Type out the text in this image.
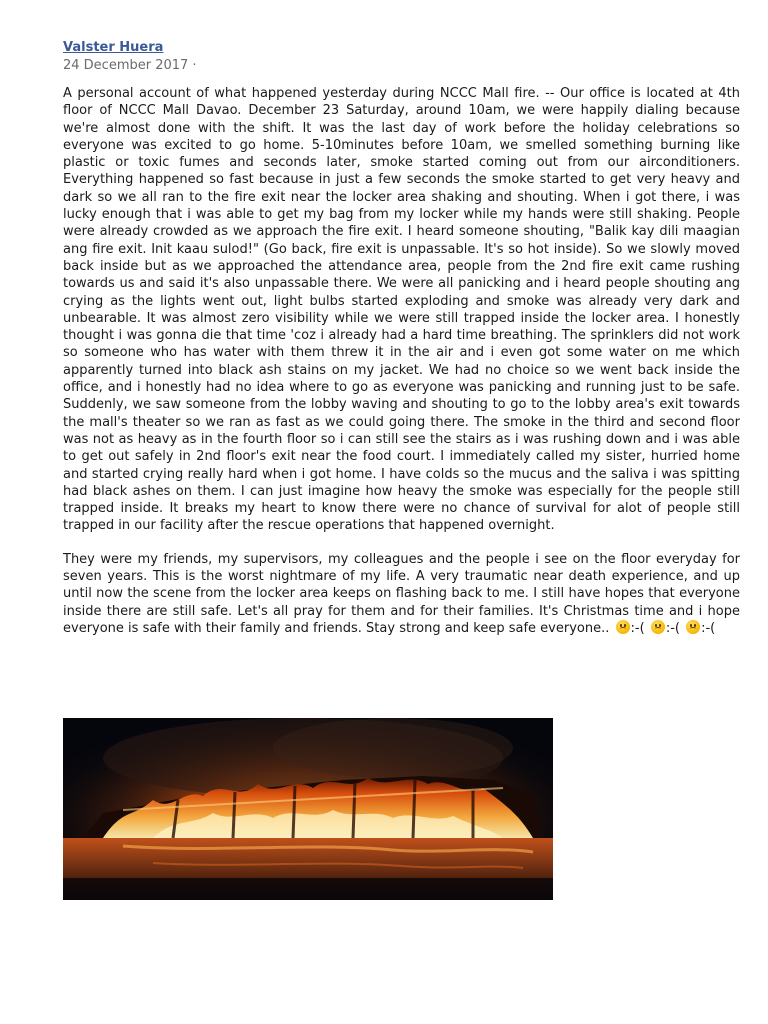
Valster Huera
24 December 2017 ·

A personal account of what happened yesterday during NCCC Mall fire. -- Our office is located at 4th floor of NCCC Mall Davao. December 23 Saturday, around 10am, we were happily dialing because we're almost done with the shift. It was the last day of work before the holiday celebrations so everyone was excited to go home. 5-10minutes before 10am, we smelled something burning like plastic or toxic fumes and seconds later, smoke started coming out from our airconditioners. Everything happened so fast because in just a few seconds the smoke started to get very heavy and dark so we all ran to the fire exit near the locker area shaking and shouting. When i got there, i was lucky enough that i was able to get my bag from my locker while my hands were still shaking. People were already crowded as we approach the fire exit. I heard someone shouting, "Balik kay dili maagian ang fire exit. Init kaau sulod!" (Go back, fire exit is unpassable. It's so hot inside). So we slowly moved back inside but as we approached the attendance area, people from the 2nd fire exit came rushing towards us and said it's also unpassable there. We were all panicking and i heard people shouting ang crying as the lights went out, light bulbs started exploding and smoke was already very dark and unbearable. It was almost zero visibility while we were still trapped inside the locker area. I honestly thought i was gonna die that time 'coz i already had a hard time breathing. The sprinklers did not work so someone who has water with them threw it in the air and i even got some water on me which apparently turned into black ash stains on my jacket. We had no choice so we went back inside the office, and i honestly had no idea where to go as everyone was panicking and running just to be safe. Suddenly, we saw someone from the lobby waving and shouting to go to the lobby area's exit towards the mall's theater so we ran as fast as we could going there. The smoke in the third and second floor was not as heavy as in the fourth floor so i can still see the stairs as i was rushing down and i was able to get out safely in 2nd floor's exit near the food court. I immediately called my sister, hurried home and started crying really hard when i got home. I have colds so the mucus and the saliva i was spitting had black ashes on them. I can just imagine how heavy the smoke was especially for the people still trapped inside. It breaks my heart to know there were no chance of survival for alot of people still trapped in our facility after the rescue operations that happened overnight.

They were my friends, my supervisors, my colleagues and the people i see on the floor everyday for seven years. This is the worst nightmare of my life. A very traumatic near death experience, and up until now the scene from the locker area keeps on flashing back to me. I still have hopes that everyone inside there are still safe. Let's all pray for them and for their families. It's Christmas time and i hope everyone is safe with their family and friends. Stay strong and keep safe everyone.. :-( :-( :-(
